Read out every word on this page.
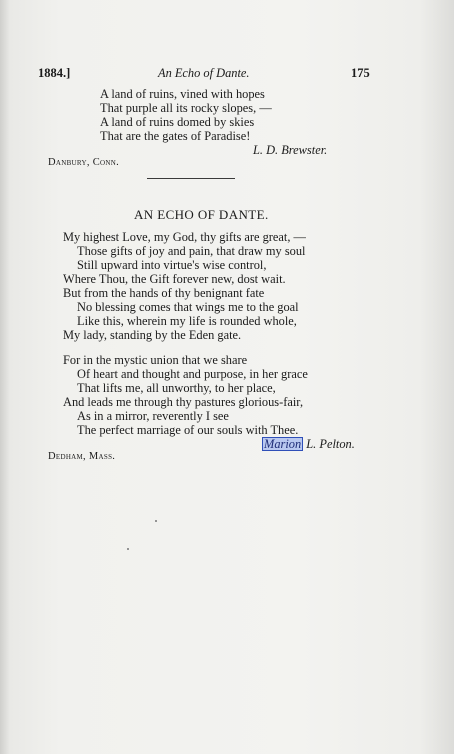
1884.]	An Echo of Dante.	175
A land of ruins, vined with hopes
That purple all its rocky slopes, —
A land of ruins domed by skies
That are the gates of Paradise!
L. D. Brewster.
Danbury, Conn.
AN ECHO OF DANTE.
My highest Love, my God, thy gifts are great, —
Those gifts of joy and pain, that draw my soul
Still upward into virtue's wise control,
Where Thou, the Gift forever new, dost wait.
But from the hands of thy benignant fate
No blessing comes that wings me to the goal
Like this, wherein my life is rounded whole,
My lady, standing by the Eden gate.
For in the mystic union that we share
Of heart and thought and purpose, in her grace
That lifts me, all unworthy, to her place,
And leads me through thy pastures glorious-fair,
As in a mirror, reverently I see
The perfect marriage of our souls with Thee.
Marion L. Pelton.
Dedham, Mass.
